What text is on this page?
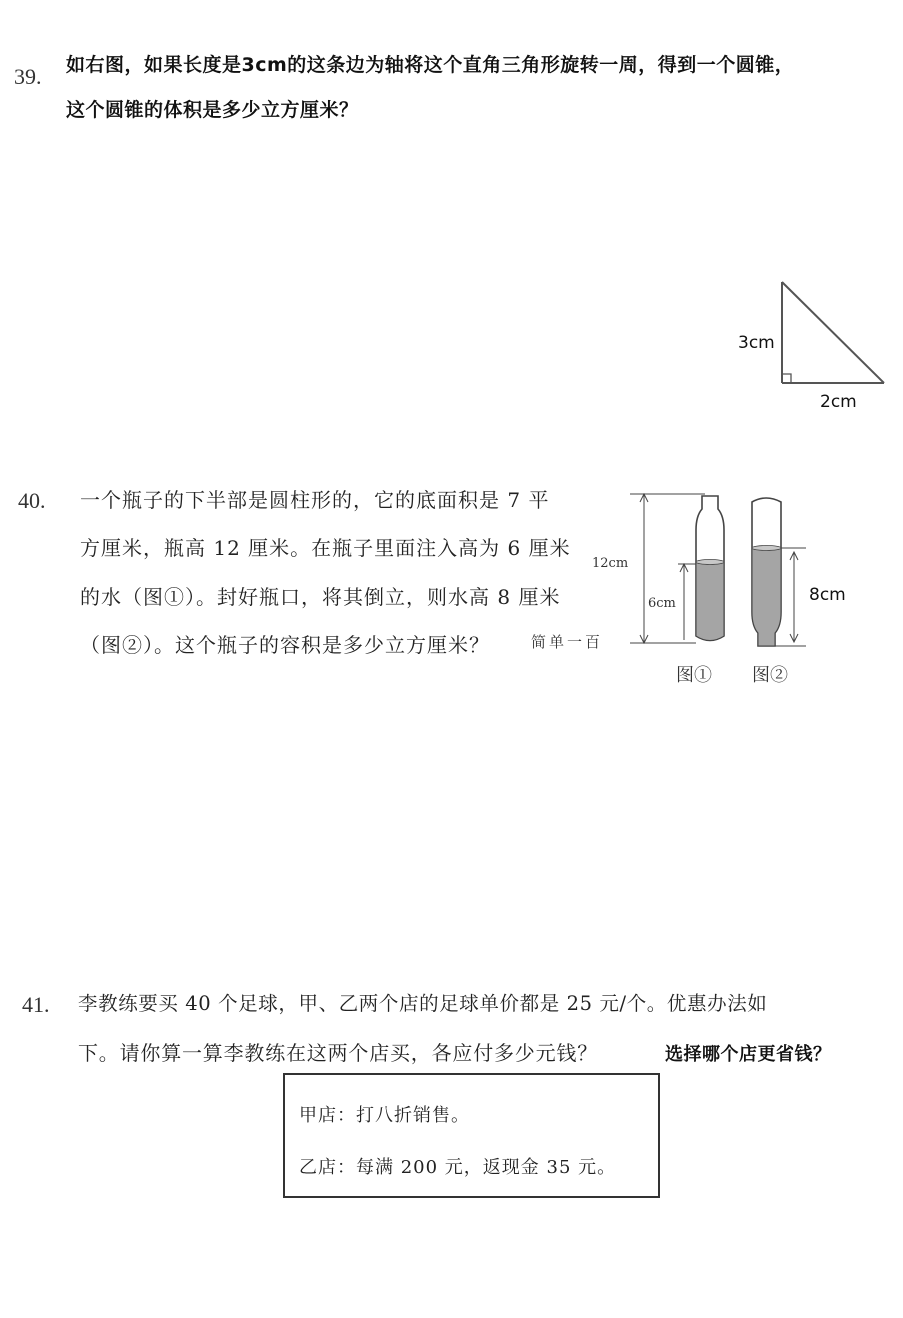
39. 如右图，如果长度是3cm的这条边为轴将这个直角三角形旋转一周，得到一个圆锥，
这个圆锥的体积是多少立方厘米？
3cm
2cm
40. 一个瓶子的下半部是圆柱形的，它的底面积是 7 平
方厘米，瓶高 12 厘米。在瓶子里面注入高为 6 厘米
的水（图①）。封好瓶口，将其倒立，则水高 8 厘米
（图②）。这个瓶子的容积是多少立方厘米？	简单一百
12cm
6cm	8cm
图① 图②
41. 李教练要买 40 个足球，甲、乙两个店的足球单价都是 25 元/个。优惠办法如
下。请你算一算李教练在这两个店买，各应付多少元钱？	选择哪个店更省钱？
甲店：打八折销售。
乙店：每满 200 元，返现金 35 元。
